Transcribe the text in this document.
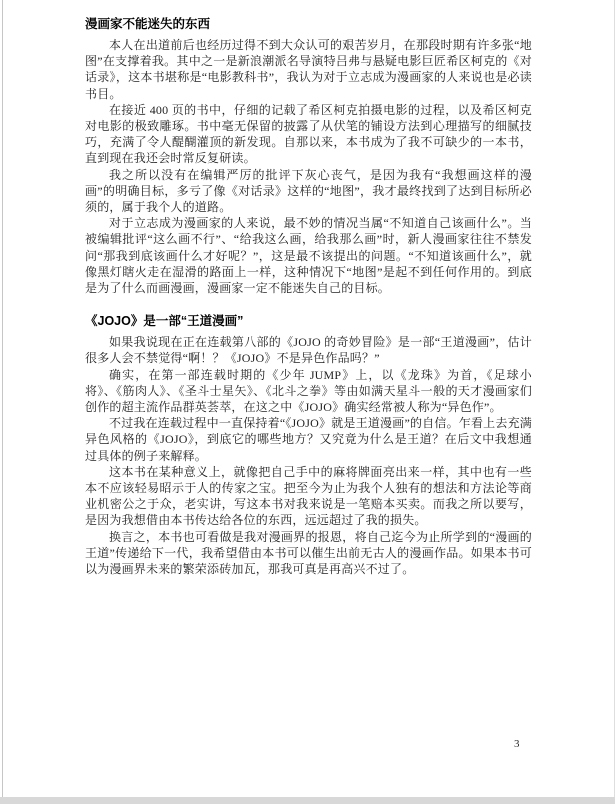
漫画家不能迷失的东西

本人在出道前后也经历过得不到大众认可的艰苦岁月，在那段时期有许多张“地图”在支撑着我。其中之一是新浪潮派名导演特吕弗与悬疑电影巨匠希区柯克的《对话录》，这本书堪称是“电影教科书”，我认为对于立志成为漫画家的人来说也是必读书目。

在接近 400 页的书中，仔细的记载了希区柯克拍摄电影的过程，以及希区柯克对电影的极致雕琢。书中毫无保留的披露了从伏笔的铺设方法到心理描写的细腻技巧，充满了令人醍醐灌顶的新发现。自那以来，本书成为了我不可缺少的一本书，直到现在我还会时常反复研读。

我之所以没有在编辑严厉的批评下灰心丧气，是因为我有“我想画这样的漫画”的明确目标，多亏了像《对话录》这样的“地图”，我才最终找到了达到目标所必须的，属于我个人的道路。

对于立志成为漫画家的人来说，最不妙的情况当属“不知道自己该画什么”。当被编辑批评“这么画不行”、“给我这么画，给我那么画”时，新人漫画家往往不禁发问“那我到底该画什么才好呢？”，这是最不该提出的问题。“不知道该画什么”，就像黑灯瞎火走在湿滑的路面上一样，这种情况下“地图”是起不到任何作用的。到底是为了什么而画漫画，漫画家一定不能迷失自己的目标。

《JOJO》是一部“王道漫画”

如果我说现在正在连载第八部的《JOJO 的奇妙冒险》是一部“王道漫画”，估计很多人会不禁觉得“啊！？《JOJO》不是异色作品吗？”

确实，在第一部连载时期的《少年 JUMP》上，以《龙珠》为首，《足球小将》、《筋肉人》、《圣斗士星矢》、《北斗之拳》等由如满天星斗一般的天才漫画家们创作的超主流作品群英荟萃，在这之中《JOJO》确实经常被人称为“异色作”。

不过我在连载过程中一直保持着“《JOJO》就是王道漫画”的自信。乍看上去充满异色风格的《JOJO》，到底它的哪些地方？又究竟为什么是王道？在后文中我想通过具体的例子来解释。

这本书在某种意义上，就像把自己手中的麻将牌面亮出来一样，其中也有一些本不应该轻易昭示于人的传家之宝。把至今为止为我个人独有的想法和方法论等商业机密公之于众，老实讲，写这本书对我来说是一笔赔本买卖。而我之所以要写，是因为我想借由本书传达给各位的东西，远远超过了我的损失。

换言之，本书也可看做是我对漫画界的报恩，将自己迄今为止所学到的“漫画的王道”传递给下一代，我希望借由本书可以催生出前无古人的漫画作品。如果本书可以为漫画界未来的繁荣添砖加瓦，那我可真是再高兴不过了。

3
